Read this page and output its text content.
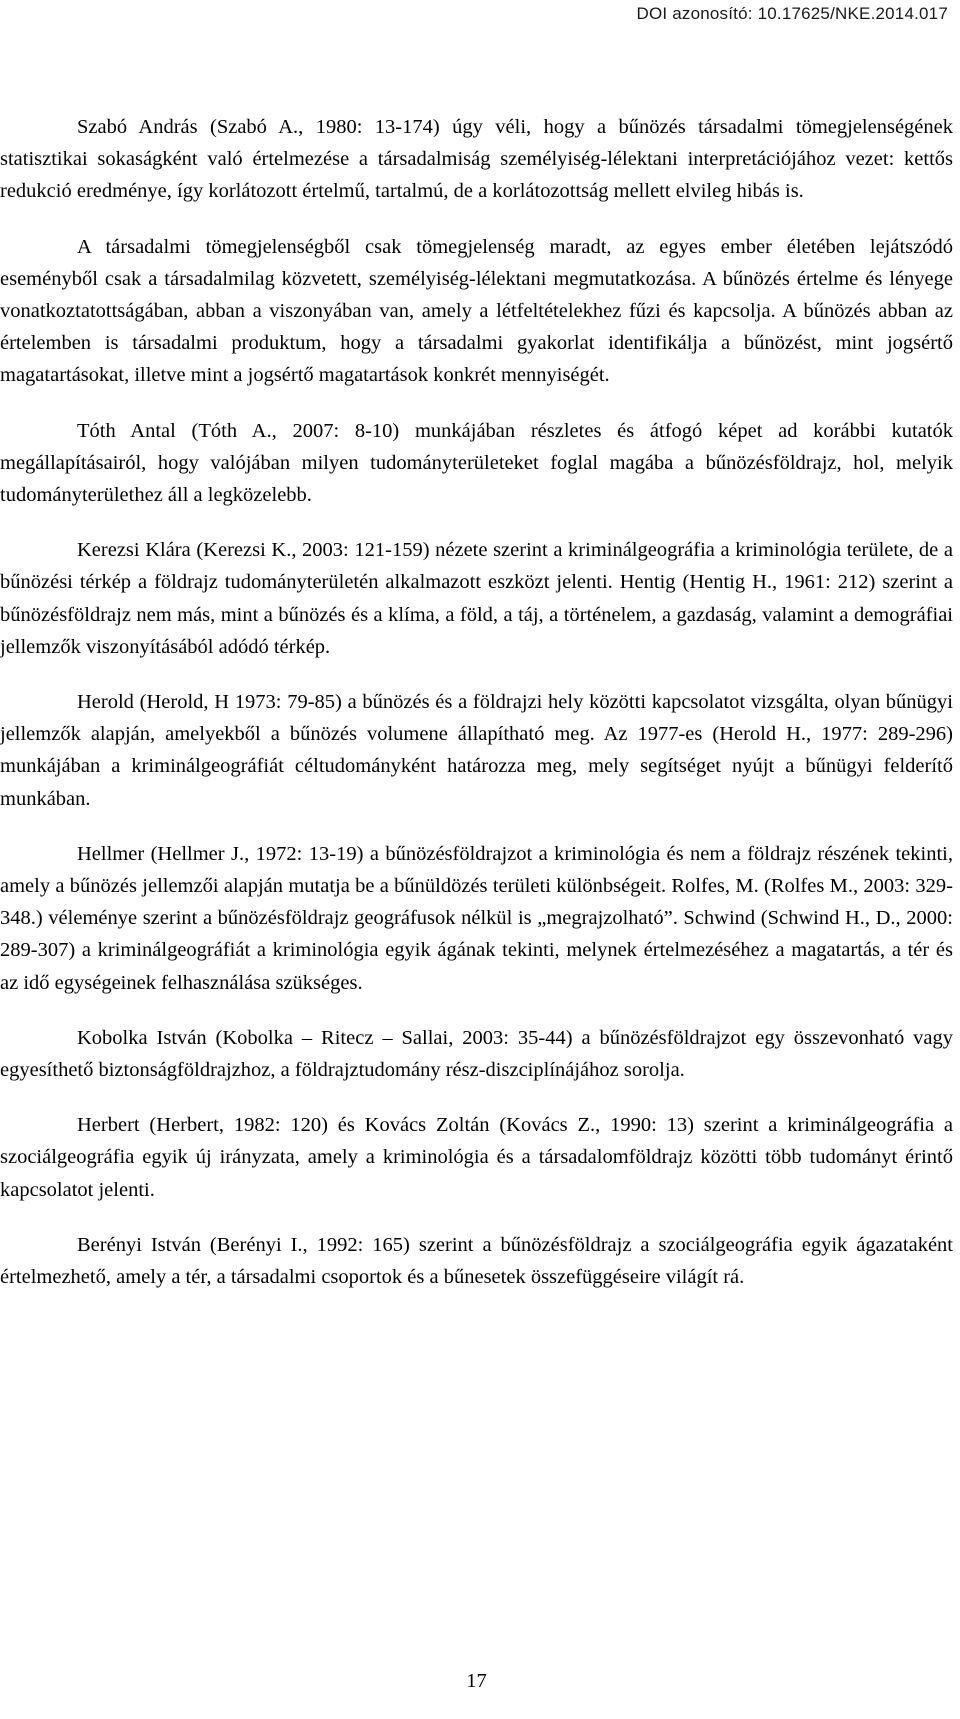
DOI azonosító: 10.17625/NKE.2014.017

Szabó András (Szabó A., 1980: 13-174) úgy véli, hogy a bűnözés társadalmi tömegjelenségének statisztikai sokaságként való értelmezése a társadalmiság személyiség-lélektani interpretációjához vezet: kettős redukció eredménye, így korlátozott értelmű, tartalmú, de a korlátozottság mellett elvileg hibás is.

A társadalmi tömegjelenségből csak tömegjelenség maradt, az egyes ember életében lejátszódó eseményből csak a társadalmilag közvetett, személyiség-lélektani megmutatkozása. A bűnözés értelme és lényege vonatkoztatottságában, abban a viszonyában van, amely a létfeltételekhez fűzi és kapcsolja. A bűnözés abban az értelemben is társadalmi produktum, hogy a társadalmi gyakorlat identifikálja a bűnözést, mint jogsértő magatartásokat, illetve mint a jogsértő magatartások konkrét mennyiségét.

Tóth Antal (Tóth A., 2007: 8-10) munkájában részletes és átfogó képet ad korábbi kutatók megállapításairól, hogy valójában milyen tudományterületeket foglal magába a bűnözésföldrajz, hol, melyik tudományterülethez áll a legközelebb.

Kerezsi Klára (Kerezsi K., 2003: 121-159) nézete szerint a kriminálgeográfia a kriminológia területe, de a bűnözési térkép a földrajz tudományterületén alkalmazott eszközt jelenti. Hentig (Hentig H., 1961: 212) szerint a bűnözésföldrajz nem más, mint a bűnözés és a klíma, a föld, a táj, a történelem, a gazdaság, valamint a demográfiai jellemzők viszonyításából adódó térkép.

Herold (Herold, H 1973: 79-85) a bűnözés és a földrajzi hely közötti kapcsolatot vizsgálta, olyan bűnügyi jellemzők alapján, amelyekből a bűnözés volumene állapítható meg. Az 1977-es (Herold H., 1977: 289-296) munkájában a kriminálgeográfiát céltudományként határozza meg, mely segítséget nyújt a bűnügyi felderítő munkában.

Hellmer (Hellmer J., 1972: 13-19) a bűnözésföldrajzot a kriminológia és nem a földrajz részének tekinti, amely a bűnözés jellemzői alapján mutatja be a bűnüldözés területi különbségeit. Rolfes, M. (Rolfes M., 2003: 329-348.) véleménye szerint a bűnözésföldrajz geográfusok nélkül is „megrajzolható”. Schwind (Schwind H., D., 2000: 289-307) a kriminálgeográfiát a kriminológia egyik ágának tekinti, melynek értelmezéséhez a magatartás, a tér és az idő egységeinek felhasználása szükséges.

Kobolka István (Kobolka – Ritecz – Sallai, 2003: 35-44) a bűnözésföldrajzot egy összevonható vagy egyesíthető biztonságföldrajzhoz, a földrajztudomány rész-diszciplínájához sorolja.

Herbert (Herbert, 1982: 120) és Kovács Zoltán (Kovács Z., 1990: 13) szerint a kriminálgeográfia a szociálgeográfia egyik új irányzata, amely a kriminológia és a társadalomföldrajz közötti több tudományt érintő kapcsolatot jelenti.

Berényi István (Berényi I., 1992: 165) szerint a bűnözésföldrajz a szociálgeográfia egyik ágazataként értelmezhető, amely a tér, a társadalmi csoportok és a bűnesetek összefüggéseire világít rá.

17
